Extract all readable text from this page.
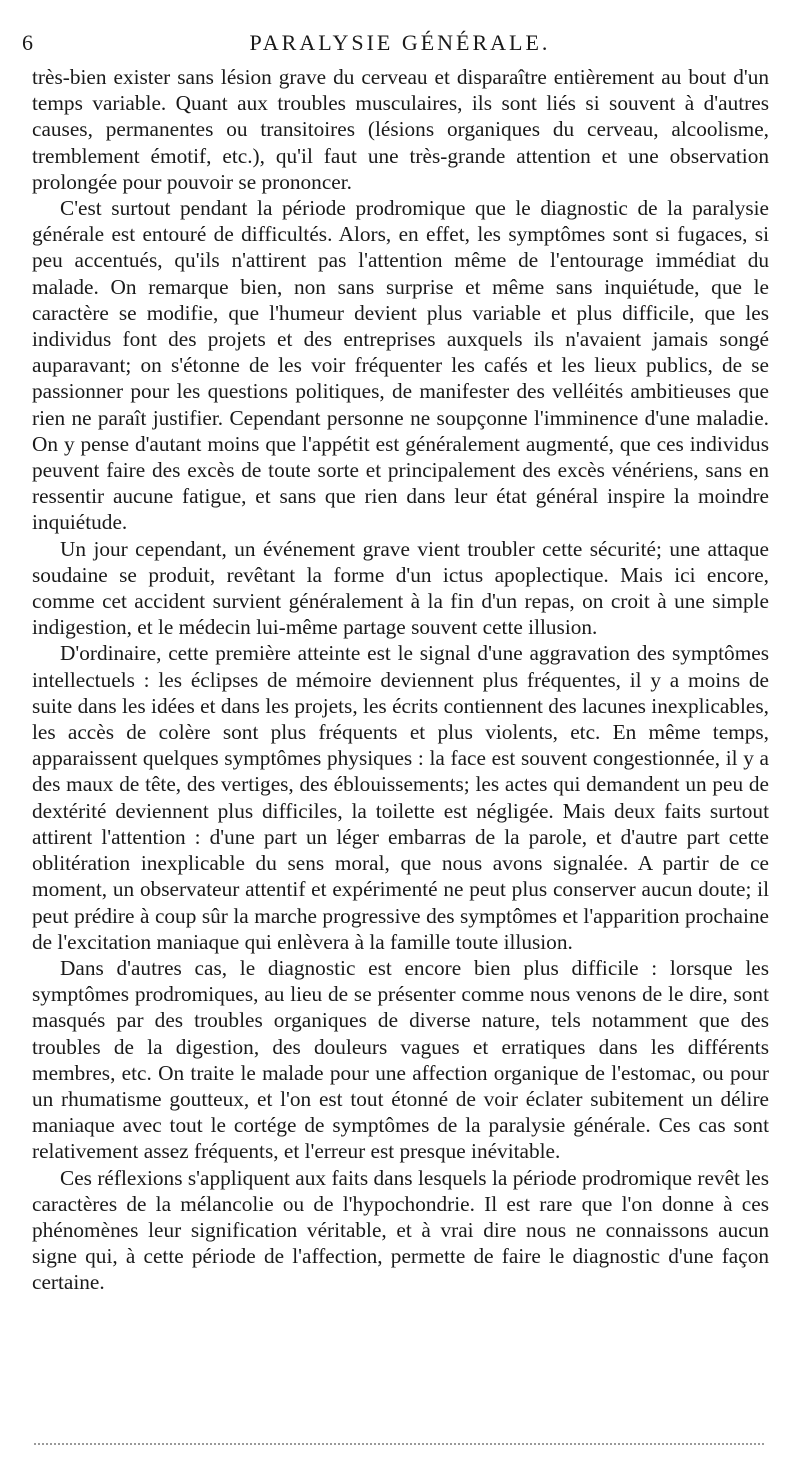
6	PARALYSIE GÉNÉRALE.

très-bien exister sans lésion grave du cerveau et disparaître entièrement au bout d'un temps variable. Quant aux troubles musculaires, ils sont liés si souvent à d'autres causes, permanentes ou transitoires (lésions organiques du cerveau, alcoolisme, tremblement émotif, etc.), qu'il faut une très-grande attention et une observation prolongée pour pouvoir se prononcer.

C'est surtout pendant la période prodromique que le diagnostic de la paralysie générale est entouré de difficultés. Alors, en effet, les symptômes sont si fugaces, si peu accentués, qu'ils n'attirent pas l'attention même de l'entourage immédiat du malade. On remarque bien, non sans surprise et même sans inquiétude, que le caractère se modifie, que l'humeur devient plus variable et plus difficile, que les individus font des projets et des entreprises auxquels ils n'avaient jamais songé auparavant; on s'étonne de les voir fréquenter les cafés et les lieux publics, de se passionner pour les questions politiques, de manifester des velléités ambitieuses que rien ne paraît justifier. Cependant personne ne soupçonne l'imminence d'une maladie. On y pense d'autant moins que l'appétit est généralement augmenté, que ces individus peuvent faire des excès de toute sorte et principalement des excès vénériens, sans en ressentir aucune fatigue, et sans que rien dans leur état général inspire la moindre inquiétude.

Un jour cependant, un événement grave vient troubler cette sécurité; une attaque soudaine se produit, revêtant la forme d'un ictus apoplectique. Mais ici encore, comme cet accident survient généralement à la fin d'un repas, on croit à une simple indigestion, et le médecin lui-même partage souvent cette illusion.

D'ordinaire, cette première atteinte est le signal d'une aggravation des symptômes intellectuels : les éclipses de mémoire deviennent plus fréquentes, il y a moins de suite dans les idées et dans les projets, les écrits contiennent des lacunes inexplicables, les accès de colère sont plus fréquents et plus violents, etc. En même temps, apparaissent quelques symptômes physiques : la face est souvent congestionnée, il y a des maux de tête, des vertiges, des éblouissements; les actes qui demandent un peu de dextérité deviennent plus difficiles, la toilette est négligée. Mais deux faits surtout attirent l'attention : d'une part un léger embarras de la parole, et d'autre part cette oblitération inexplicable du sens moral, que nous avons signalée. A partir de ce moment, un observateur attentif et expérimenté ne peut plus conserver aucun doute; il peut prédire à coup sûr la marche progressive des symptômes et l'apparition prochaine de l'excitation maniaque qui enlèvera à la famille toute illusion.

Dans d'autres cas, le diagnostic est encore bien plus difficile : lorsque les symptômes prodromiques, au lieu de se présenter comme nous venons de le dire, sont masqués par des troubles organiques de diverse nature, tels notamment que des troubles de la digestion, des douleurs vagues et erratiques dans les différents membres, etc. On traite le malade pour une affection organique de l'estomac, ou pour un rhumatisme goutteux, et l'on est tout étonné de voir éclater subitement un délire maniaque avec tout le cortége de symptômes de la paralysie générale. Ces cas sont relativement assez fréquents, et l'erreur est presque inévitable.

Ces réflexions s'appliquent aux faits dans lesquels la période prodromique revêt les caractères de la mélancolie ou de l'hypochondrie. Il est rare que l'on donne à ces phénomènes leur signification véritable, et à vrai dire nous ne connaissons aucun signe qui, à cette période de l'affection, permette de faire le diagnostic d'une façon certaine.
